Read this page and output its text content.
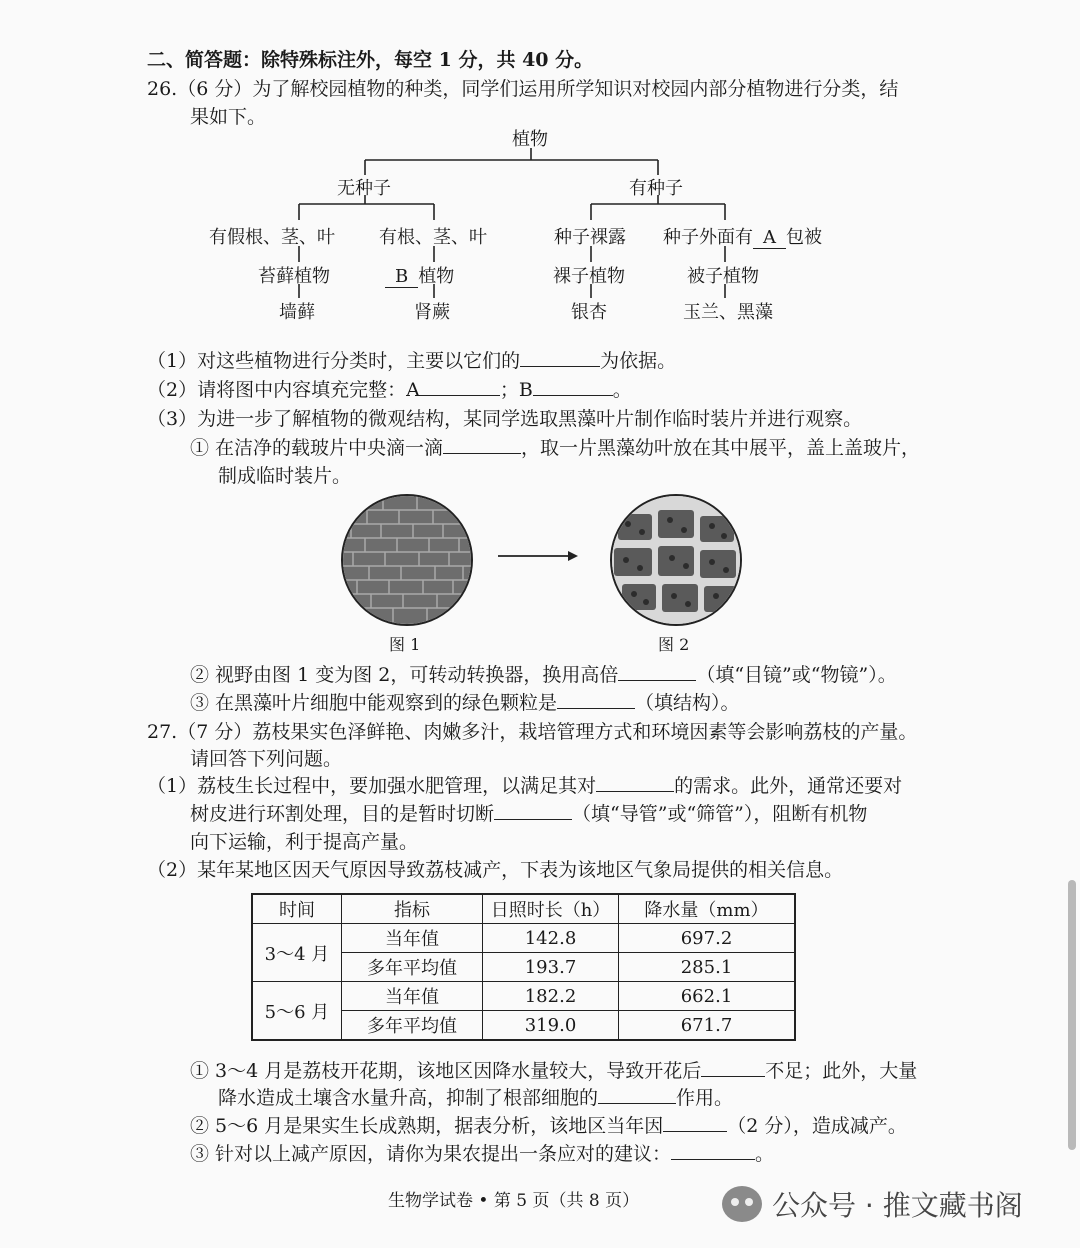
二、简答题：除特殊标注外，每空 1 分，共 40 分。
26.（6 分）为了解校园植物的种类，同学们运用所学知识对校园内部分植物进行分类，结
果如下。
植物
无种子	有种子
有假根、茎、叶 有根、茎、叶	种子裸露 种子外面有 A 包被
苔藓植物	B 植物	裸子植物	被子植物
墙藓	肾蕨	银杏	玉兰、黑藻
（1）对这些植物进行分类时，主要以它们的	为依据。
（2）请将图中内容填充完整：A	；B	。
（3）为进一步了解植物的微观结构，某同学选取黑藻叶片制作临时装片并进行观察。
① 在洁净的载玻片中央滴一滴	，取一片黑藻幼叶放在其中展平，盖上盖玻片，
制成临时装片。
图 1	图 2
② 视野由图 1 变为图 2，可转动转换器，换用高倍	（填“目镜”或“物镜”）。
③ 在黑藻叶片细胞中能观察到的绿色颗粒是	（填结构）。
27.（7 分）荔枝果实色泽鲜艳、肉嫩多汁，栽培管理方式和环境因素等会影响荔枝的产量。
请回答下列问题。
（1）荔枝生长过程中，要加强水肥管理，以满足其对	的需求。此外，通常还要对
树皮进行环割处理，目的是暂时切断	（填“导管”或“筛管”），阻断有机物
向下运输，利于提高产量。
（2）某年某地区因天气原因导致荔枝减产，下表为该地区气象局提供的相关信息。
时间	指标	日照时长（h）	降水量（mm）
3～4 月	当年值	142.8	697.2
	多年平均值	193.7	285.1
5～6 月	当年值	182.2	662.1
	多年平均值	319.0	671.7
① 3～4 月是荔枝开花期，该地区因降水量较大，导致开花后	不足；此外，大量
降水造成土壤含水量升高，抑制了根部细胞的	作用。
② 5～6 月是果实生长成熟期，据表分析，该地区当年因	（2 分），造成减产。
③ 针对以上减产原因，请你为果农提出一条应对的建议：	。
生物学试卷 • 第 5 页（共 8 页）	公众号 · 推文藏书阁
